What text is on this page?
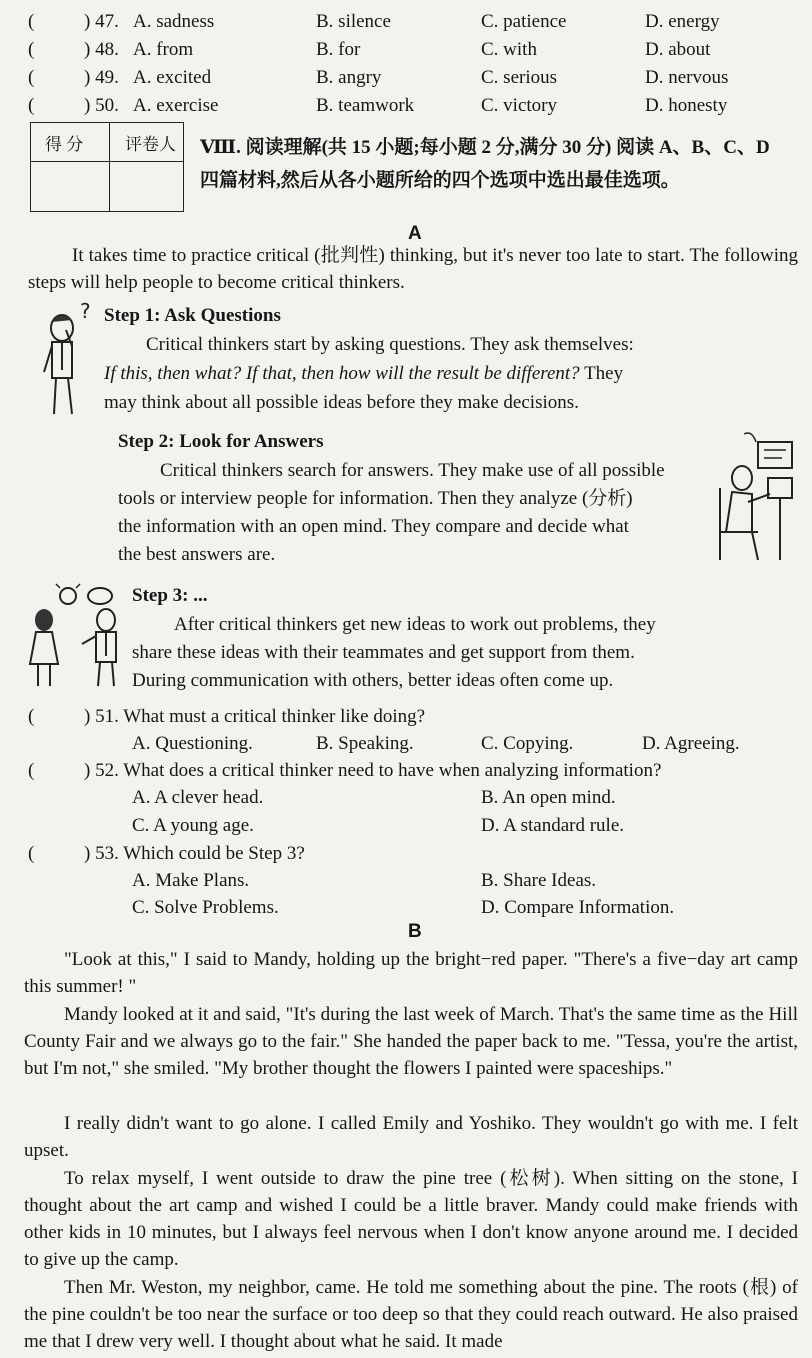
(	) 47. A. sadness	B. silence	C. patience	D. energy
(	) 48. A. from	B. for	C. with	D. about
(	) 49. A. excited	B. angry	C. serious	D. nervous
(	) 50. A. exercise	B. teamwork	C. victory	D. honesty
得 分 评卷人 Ⅷ. 阅读理解(共 15 小题;每小题 2 分,满分 30 分) 阅读 A、B、C、D
四篇材料,然后从各小题所给的四个选项中选出最佳选项。
A
It takes time to practice critical (批判性) thinking, but it's never too late to start. The following steps will help people to become critical thinkers.
? Step 1: Ask Questions
Critical thinkers start by asking questions. They ask themselves:
If this, then what? If that, then how will the result be different? They
may think about all possible ideas before they make decisions.
Step 2: Look for Answers
Critical thinkers search for answers. They make use of all possible
tools or interview people for information. Then they analyze (分析)
the information with an open mind. They compare and decide what
the best answers are.
Step 3: ...
After critical thinkers get new ideas to work out problems, they
share these ideas with their teammates and get support from them.
During communication with others, better ideas often come up.
(	) 51. What must a critical thinker like doing?
A. Questioning.	B. Speaking.	C. Copying.	D. Agreeing.
(	) 52. What does a critical thinker need to have when analyzing information?
A. A clever head.	B. An open mind.
C. A young age.	D. A standard rule.
(	) 53. Which could be Step 3?
A. Make Plans.	B. Share Ideas.
C. Solve Problems.	D. Compare Information.
B
"Look at this," I said to Mandy, holding up the bright−red paper. "There's a five−day art camp this summer! "
Mandy looked at it and said, "It's during the last week of March. That's the same time as the Hill County Fair and we always go to the fair." She handed the paper back to me. "Tessa, you're the artist, but I'm not," she smiled. "My brother thought the flowers I painted were spaceships."
I really didn't want to go alone. I called Emily and Yoshiko. They wouldn't go with me. I felt upset.
To relax myself, I went outside to draw the pine tree (松树). When sitting on the stone, I thought about the art camp and wished I could be a little braver. Mandy could make friends with other kids in 10 minutes, but I always feel nervous when I don't know anyone around me. I decided to give up the camp.
Then Mr. Weston, my neighbor, came. He told me something about the pine. The roots (根) of the pine couldn't be too near the surface or too deep so that they could reach outward. He also praised me that I drew very well. I thought about what he said. It made
